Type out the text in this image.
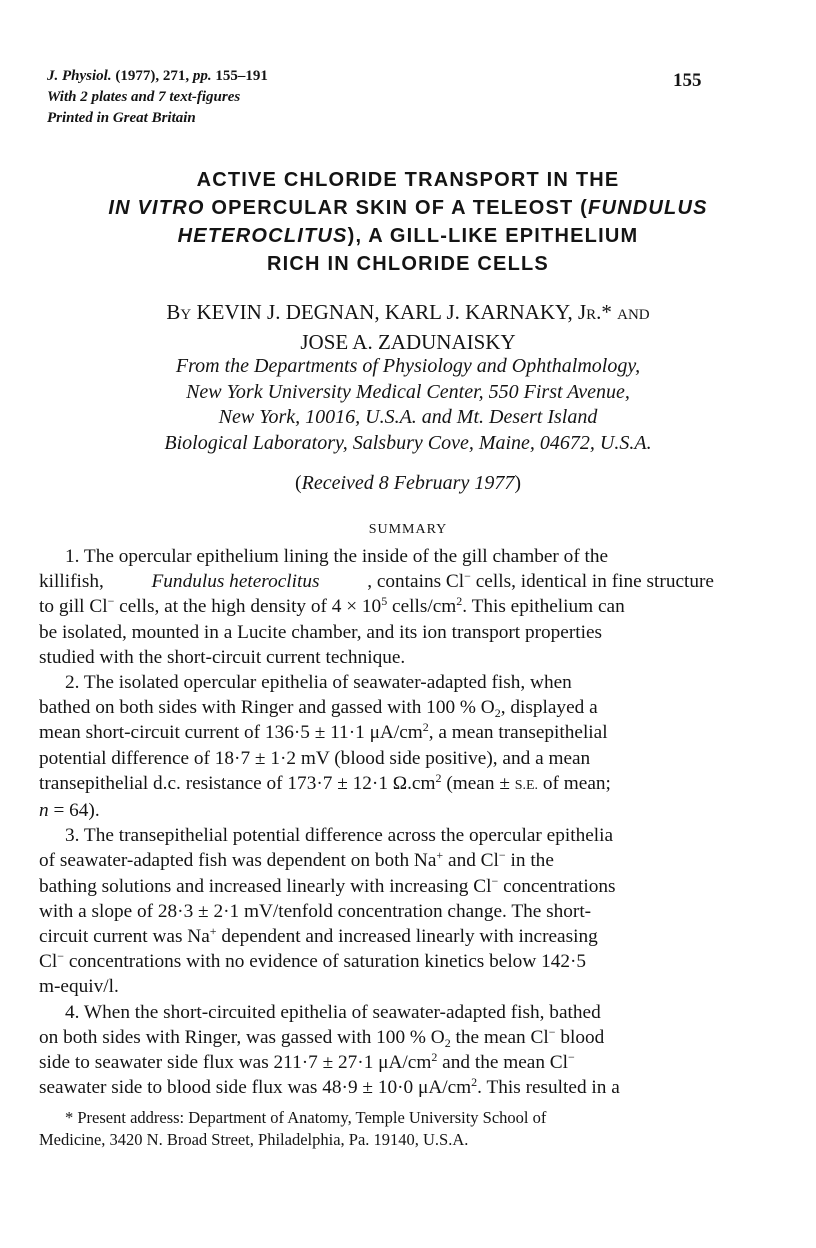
J. Physiol. (1977), 271, pp. 155–191
With 2 plates and 7 text-figures
Printed in Great Britain
155
ACTIVE CHLORIDE TRANSPORT IN THE
IN VITRO OPERCULAR SKIN OF A TELEOST (FUNDULUS
HETEROCLITUS), A GILL-LIKE EPITHELIUM
RICH IN CHLORIDE CELLS
BY KEVIN J. DEGNAN, KARL J. KARNAKY, JR.* AND
JOSE A. ZADUNAISKY
From the Departments of Physiology and Ophthalmology,
New York University Medical Center, 550 First Avenue,
New York, 10016, U.S.A. and Mt. Desert Island
Biological Laboratory, Salsbury Cove, Maine, 04672, U.S.A.
(Received 8 February 1977)
SUMMARY
1. The opercular epithelium lining the inside of the gill chamber of the
killifish, Fundulus heteroclitus , contains Cl− cells, identical in fine structure
to gill Cl− cells, at the high density of $4 \times 10^5$ cells/$cm^2$. This epithelium can
be isolated, mounted in a Lucite chamber, and its ion transport properties
studied with the short-circuit current technique.
2. The isolated opercular epithelia of seawater-adapted fish, when
bathed on both sides with Ringer and gassed with 100 % $O_2$, displayed a
mean short-circuit current of 136·5 ± 11·1 $\mu A/cm^2$, a mean transepithelial
potential difference of 18·7 ± 1·2 mV (blood side positive), and a mean
transepithelial d.c. resistance of 173·7 ± 12·1 $\Omega.cm^2$ (mean ± S.E. of mean;
n = 64).
3. The transepithelial potential difference across the opercular epithelia
of seawater-adapted fish was dependent on both Na+ and Cl− in the
bathing solutions and increased linearly with increasing Cl− concentrations
with a slope of 28·3 ± 2·1 mV/tenfold concentration change. The short-
circuit current was Na+ dependent and increased linearly with increasing
Cl− concentrations with no evidence of saturation kinetics below 142·5
m-equiv/l.
4. When the short-circuited epithelia of seawater-adapted fish, bathed
on both sides with Ringer, was gassed with 100 % $O_2$ the mean Cl− blood
side to seawater side flux was 211·7 ± 27·1 $\mu A/cm^2$ and the mean Cl−
seawater side to blood side flux was 48·9 ± 10·0 $\mu A/cm^2$. This resulted in a
* Present address: Department of Anatomy, Temple University School of
Medicine, 3420 N. Broad Street, Philadelphia, Pa. 19140, U.S.A.
